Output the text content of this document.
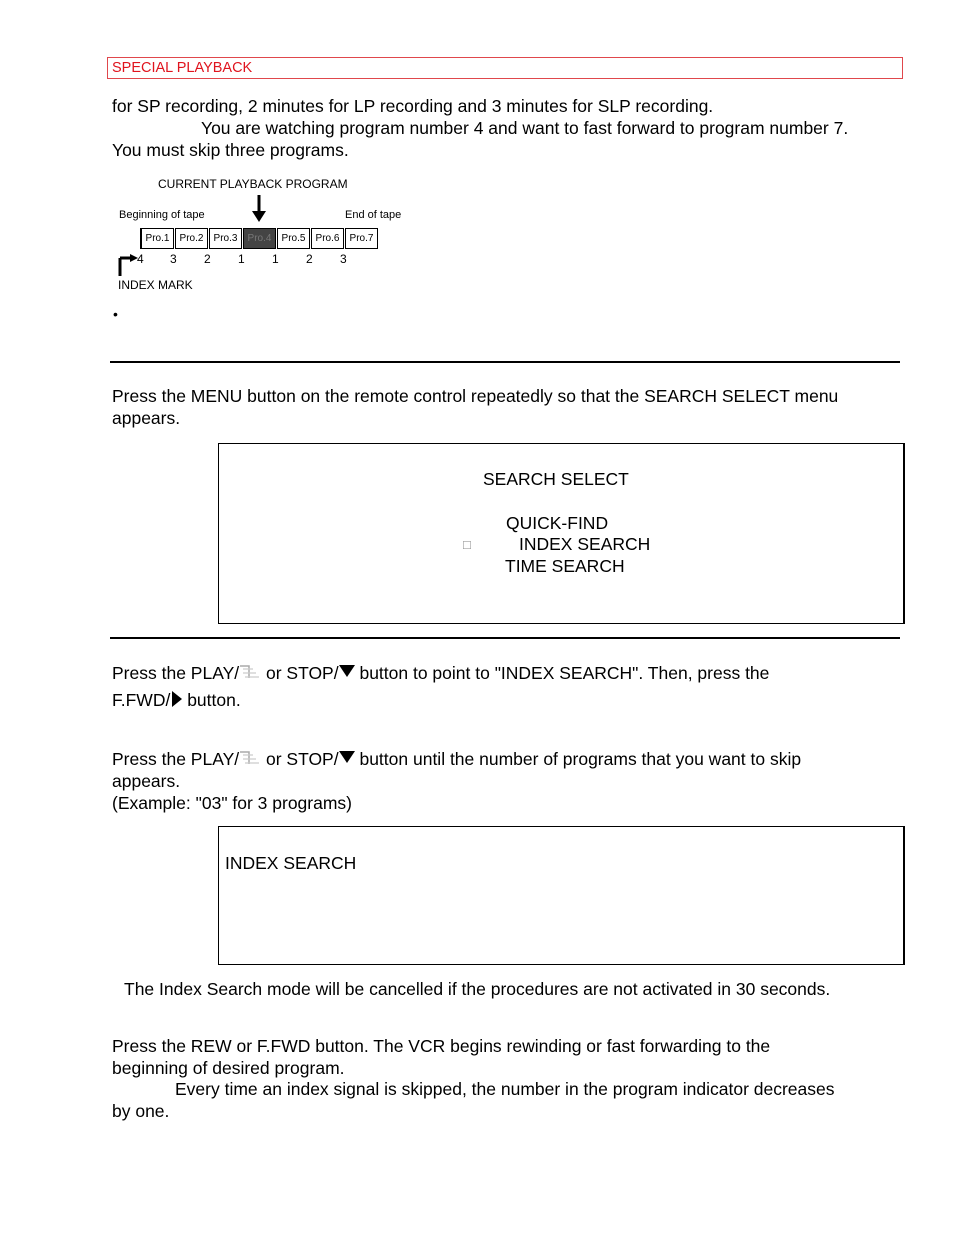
SPECIAL PLAYBACK
for SP recording, 2 minutes for LP recording and 3 minutes for SLP recording.
You are watching program number 4 and want to fast forward to program number 7.
You must skip three programs.
CURRENT PLAYBACK PROGRAM
Beginning of tape	End of tape
Pro.1	Pro.2	Pro.3	Pro.4	Pro.5	Pro.6	Pro.7
4 3 2 1 1 2 3
INDEX MARK
•
Press the MENU button on the remote control repeatedly so that the SEARCH SELECT menu
appears.
SEARCH SELECT
QUICK-FIND
□	INDEX SEARCH
TIME SEARCH
Press the PLAY/ or STOP/ button to point to "INDEX SEARCH". Then, press the
F.FWD/ button.
Press the PLAY/ or STOP/ button until the number of programs that you want to skip
appears.
(Example: "03" for 3 programs)
INDEX SEARCH
The Index Search mode will be cancelled if the procedures are not activated in 30 seconds.
Press the REW or F.FWD button. The VCR begins rewinding or fast forwarding to the
beginning of desired program.
Every time an index signal is skipped, the number in the program indicator decreases
by one.
